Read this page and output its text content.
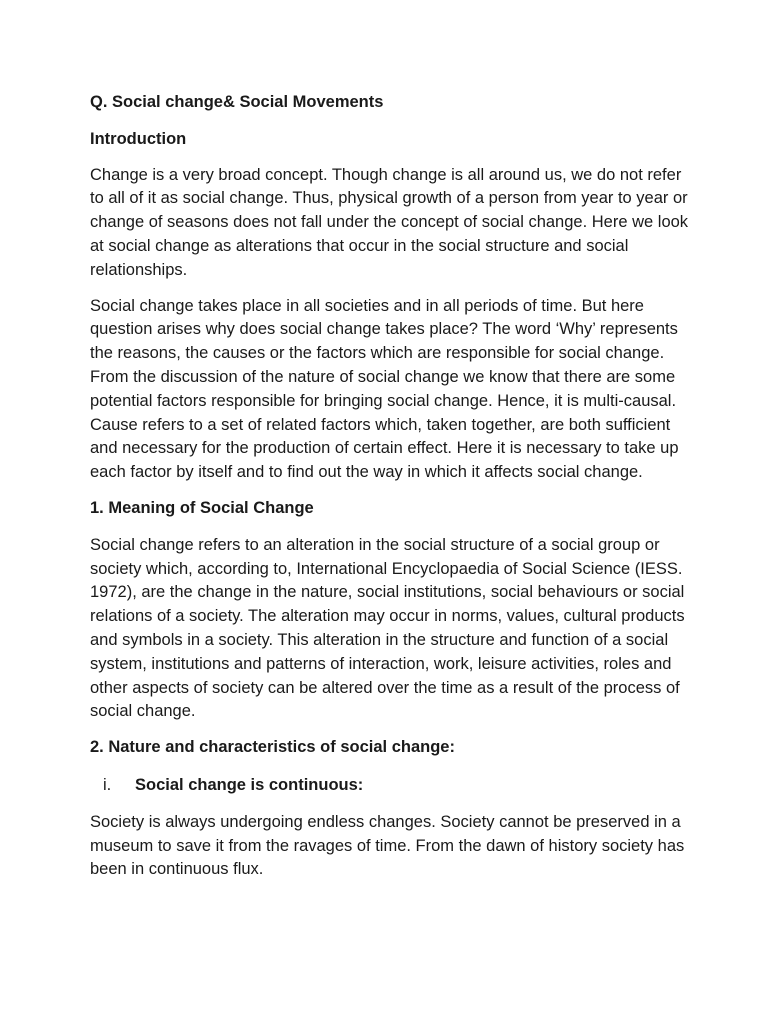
Q. Social change& Social Movements

Introduction

Change is a very broad concept. Though change is all around us, we do not refer to all of it as social change. Thus, physical growth of a person from year to year or change of seasons does not fall under the concept of social change. Here we look at social change as alterations that occur in the social structure and social relationships.

Social change takes place in all societies and in all periods of time. But here question arises why does social change takes place? The word ‘Why’ represents the reasons, the causes or the factors which are responsible for social change. From the discussion of the nature of social change we know that there are some potential factors responsible for bringing social change. Hence, it is multi-causal. Cause refers to a set of related factors which, taken together, are both sufficient and necessary for the production of certain effect. Here it is necessary to take up each factor by itself and to find out the way in which it affects social change.

1. Meaning of Social Change

Social change refers to an alteration in the social structure of a social group or society which, according to, International Encyclopaedia of Social Science (IESS. 1972), are the change in the nature, social institutions, social behaviours or social relations of a society. The alteration may occur in norms, values, cultural products and symbols in a society. This alteration in the structure and function of a social system, institutions and patterns of interaction, work, leisure activities, roles and other aspects of society can be altered over the time as a result of the process of social change.

2. Nature and characteristics of social change:

i.	Social change is continuous:

Society is always undergoing endless changes. Society cannot be preserved in a museum to save it from the ravages of time. From the dawn of history society has been in continuous flux.
